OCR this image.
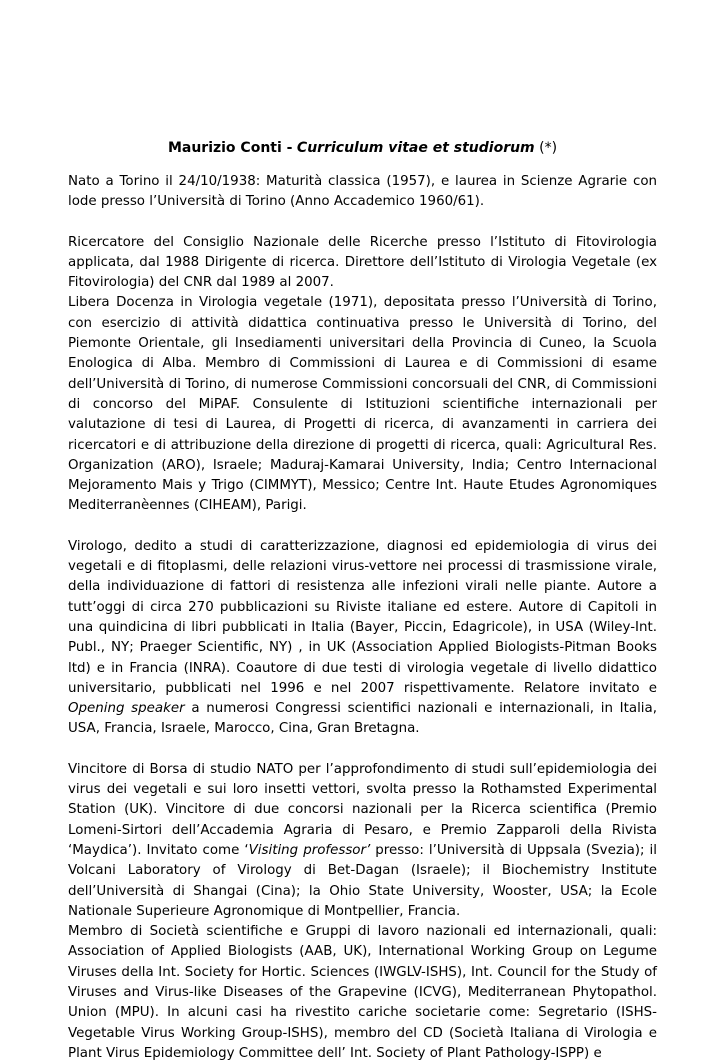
Maurizio Conti - Curriculum vitae et studiorum (*)

Nato a Torino il 24/10/1938: Maturità classica (1957), e laurea in Scienze Agrarie con lode presso l’Università di Torino (Anno Accademico 1960/61).

Ricercatore del Consiglio Nazionale delle Ricerche presso l’Istituto di Fitovirologia applicata, dal 1988 Dirigente di ricerca. Direttore dell’Istituto di Virologia Vegetale (ex Fitovirologia) del CNR dal 1989 al 2007.

Libera Docenza in Virologia vegetale (1971), depositata presso l’Università di Torino, con esercizio di attività didattica continuativa presso le Università di Torino, del Piemonte Orientale, gli Insediamenti universitari della Provincia di Cuneo, la Scuola Enologica di Alba. Membro di Commissioni di Laurea e di Commissioni di esame dell’Università di Torino, di numerose Commissioni concorsuali del CNR, di Commissioni di concorso del MiPAF. Consulente di Istituzioni scientifiche internazionali per valutazione di tesi di Laurea, di Progetti di ricerca, di avanzamenti in carriera dei ricercatori e di attribuzione della direzione di progetti di ricerca, quali: Agricultural Res. Organization (ARO), Israele; Maduraj-Kamarai University, India; Centro Internacional Mejoramento Mais y Trigo (CIMMYT), Messico; Centre Int. Haute Etudes Agronomiques Mediterranèennes (CIHEAM), Parigi.

Virologo, dedito a studi di caratterizzazione, diagnosi ed epidemiologia di virus dei vegetali e di fitoplasmi, delle relazioni virus-vettore nei processi di trasmissione virale, della individuazione di fattori di resistenza alle infezioni virali nelle piante. Autore a tutt’oggi di circa 270 pubblicazioni su Riviste italiane ed estere. Autore di Capitoli in una quindicina di libri pubblicati in Italia (Bayer, Piccin, Edagricole), in USA (Wiley-Int. Publ., NY; Praeger Scientific, NY) , in UK (Association Applied Biologists-Pitman Books ltd) e in Francia (INRA). Coautore di due testi di virologia vegetale di livello didattico universitario, pubblicati nel 1996 e nel 2007 rispettivamente. Relatore invitato e Opening speaker a numerosi Congressi scientifici nazionali e internazionali, in Italia, USA, Francia, Israele, Marocco, Cina, Gran Bretagna.

Vincitore di Borsa di studio NATO per l’approfondimento di studi sull’epidemiologia dei virus dei vegetali e sui loro insetti vettori, svolta presso la Rothamsted Experimental Station (UK). Vincitore di due concorsi nazionali per la Ricerca scientifica (Premio Lomeni-Sirtori dell’Accademia Agraria di Pesaro, e Premio Zapparoli della Rivista ‘Maydica’). Invitato come ‘Visiting professor’ presso: l’Università di Uppsala (Svezia); il Volcani Laboratory of Virology di Bet-Dagan (Israele); il Biochemistry Institute dell’Università di Shangai (Cina); la Ohio State University, Wooster, USA; la Ecole Nationale Superieure Agronomique di Montpellier, Francia.

Membro di Società scientifiche e Gruppi di lavoro nazionali ed internazionali, quali: Association of Applied Biologists (AAB, UK), International Working Group on Legume Viruses della Int. Society for Hortic. Sciences (IWGLV-ISHS), Int. Council for the Study of Viruses and Virus-like Diseases of the Grapevine (ICVG), Mediterranean Phytopathol. Union (MPU). In alcuni casi ha rivestito cariche societarie come: Segretario (ISHS-Vegetable Virus Working Group-ISHS), membro del CD (Società Italiana di Virologia e Plant Virus Epidemiology Committee dell’ Int. Society of Plant Pathology-ISPP) e
